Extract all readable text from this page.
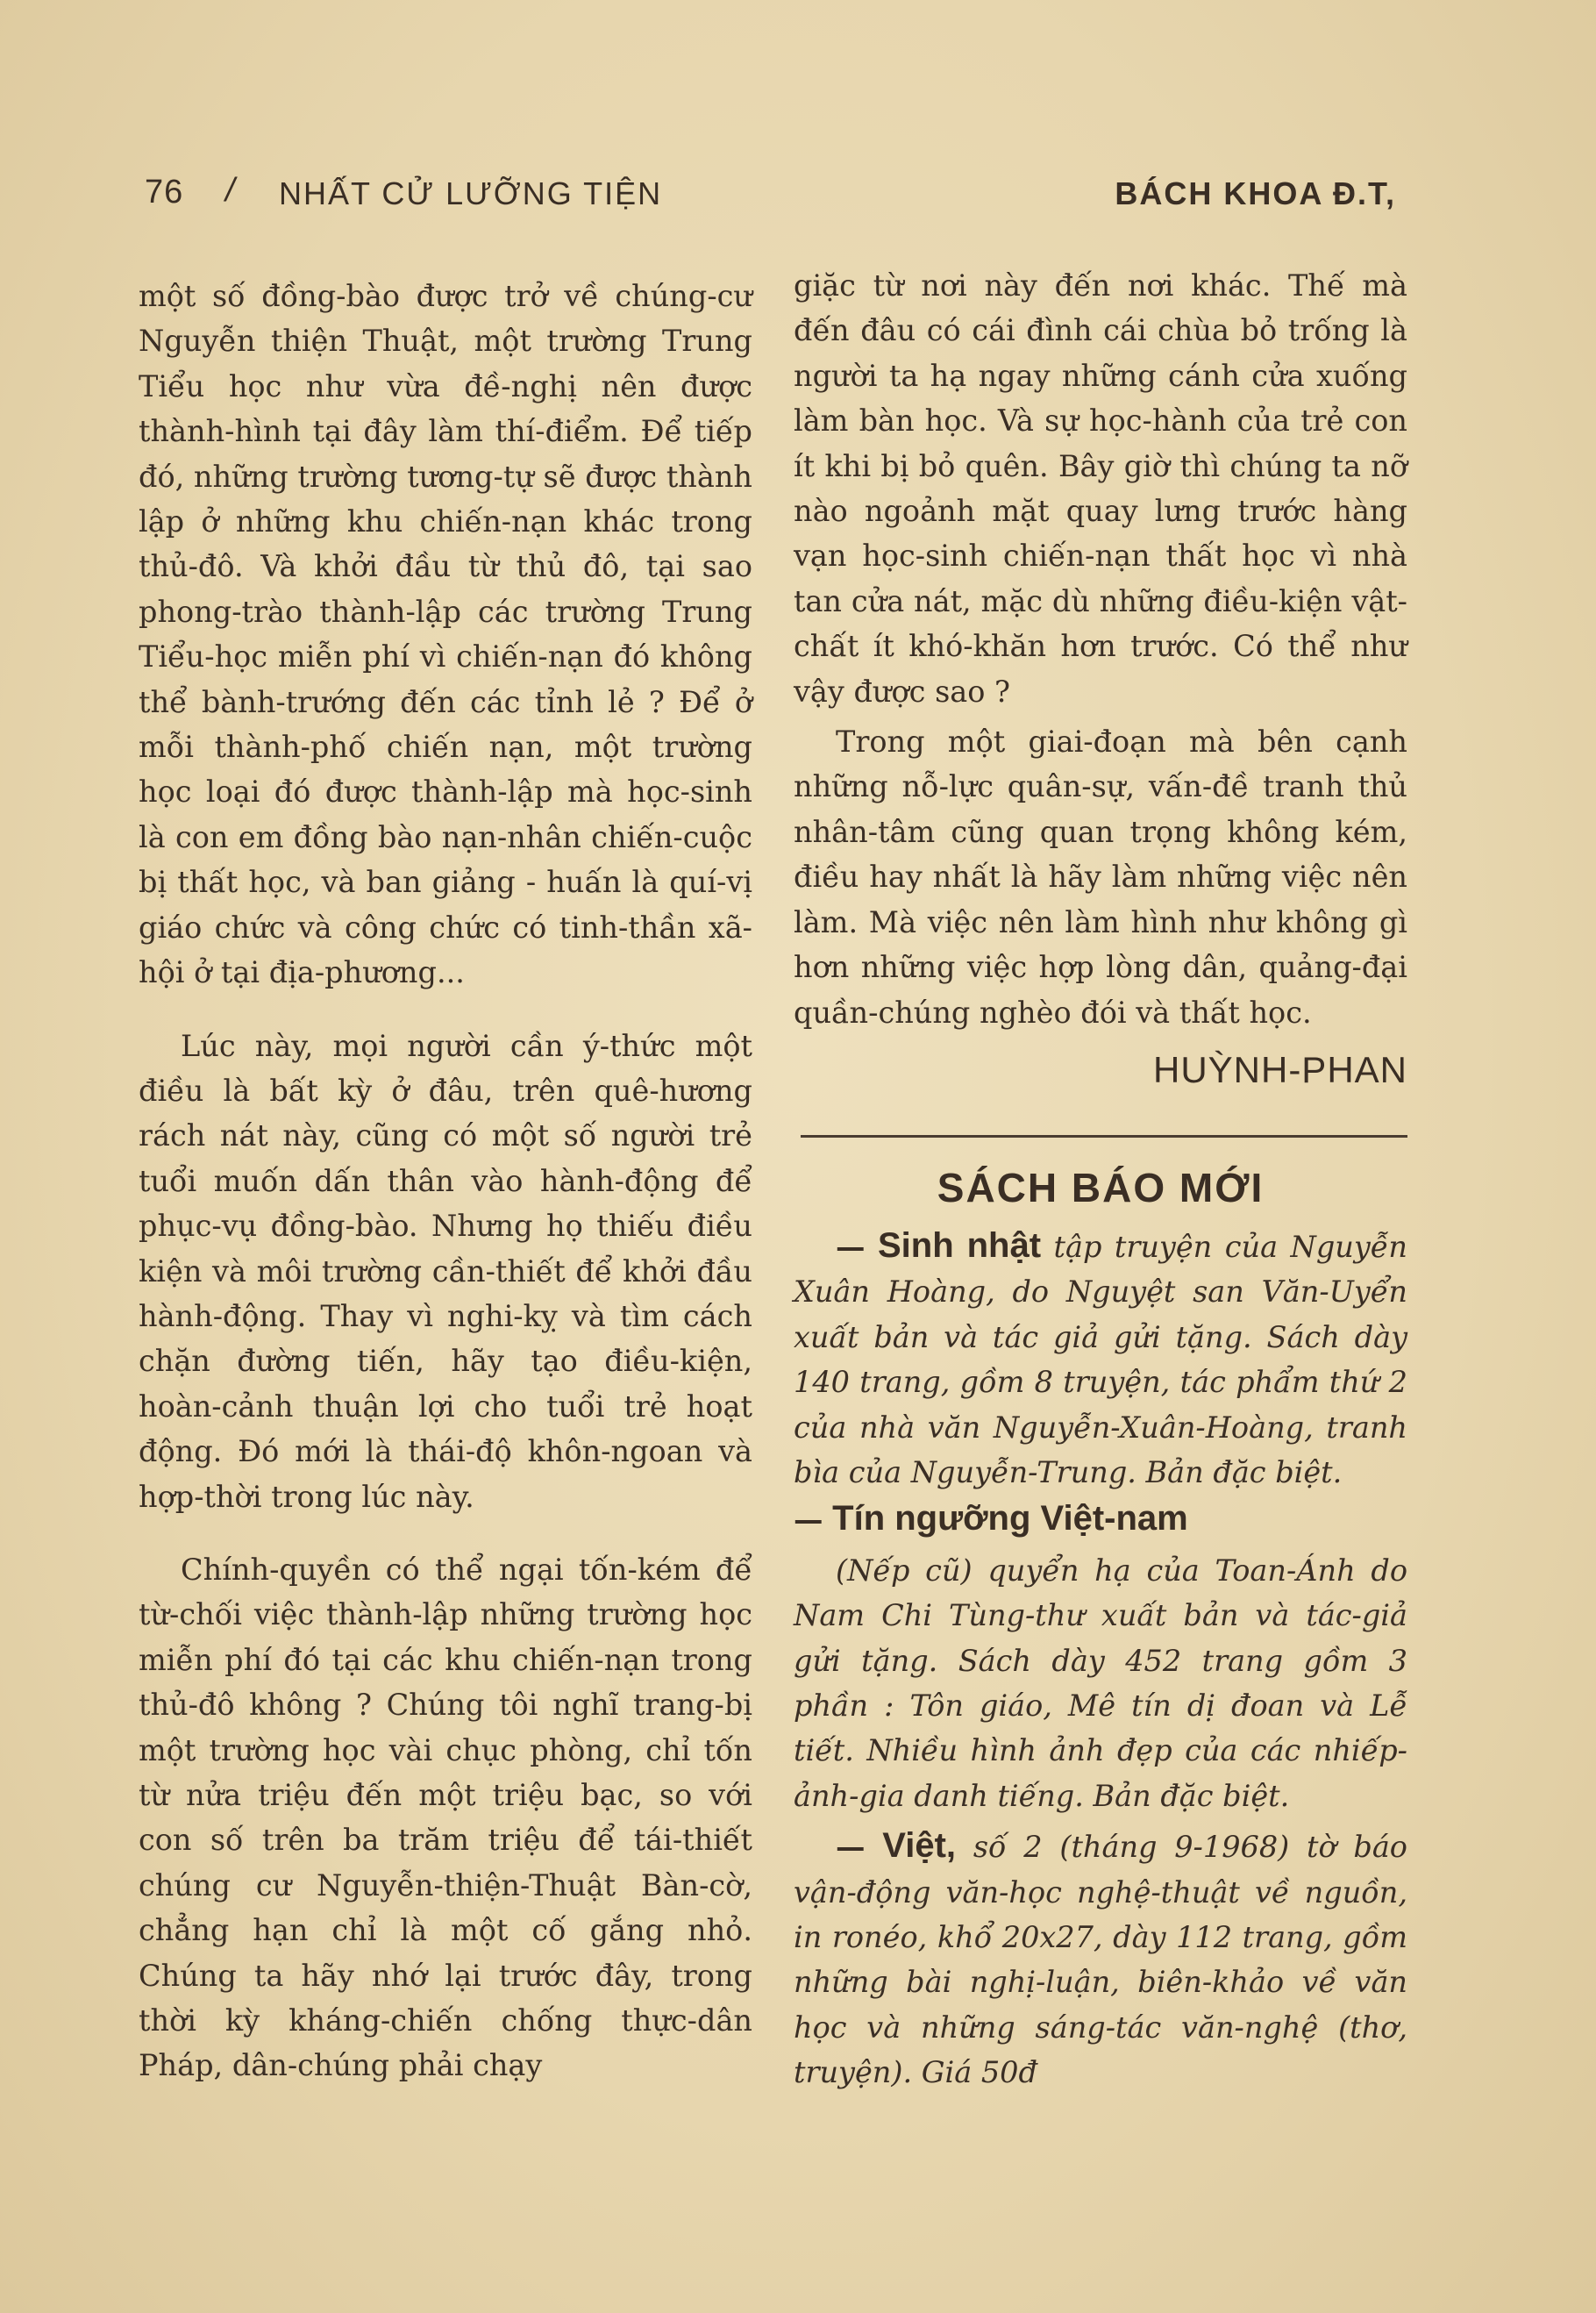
76 / NHẤT CỬ LƯỠNG TIỆN	BÁCH KHOA Đ.T,

một số đồng-bào được trở về chúng-cư Nguyễn thiện Thuật, một trường Trung Tiểu học như vừa đề-nghị nên được thành-hình tại đây làm thí-điểm. Để tiếp đó, những trường tương-tự sẽ được thành lập ở những khu chiến-nạn khác trong thủ-đô. Và khởi đầu từ thủ đô, tại sao phong-trào thành-lập các trường Trung Tiểu-học miễn phí vì chiến-nạn đó không thể bành-trướng đến các tỉnh lẻ ? Để ở mỗi thành-phố chiến nạn, một trường học loại đó được thành-lập mà học-sinh là con em đồng bào nạn-nhân chiến-cuộc bị thất học, và ban giảng - huấn là quí-vị giáo chức và công chức có tinh-thần xã-hội ở tại địa-phương...

Lúc này, mọi người cần ý-thức một điều là bất kỳ ở đâu, trên quê-hương rách nát này, cũng có một số người trẻ tuổi muốn dấn thân vào hành-động để phục-vụ đồng-bào. Nhưng họ thiếu điều kiện và môi trường cần-thiết để khởi đầu hành-động. Thay vì nghi-kỵ và tìm cách chặn đường tiến, hãy tạo điều-kiện, hoàn-cảnh thuận lợi cho tuổi trẻ hoạt động. Đó mới là thái-độ khôn-ngoan và hợp-thời trong lúc này.

Chính-quyền có thể ngại tốn-kém để từ-chối việc thành-lập những trường học miễn phí đó tại các khu chiến-nạn trong thủ-đô không ? Chúng tôi nghĩ trang-bị một trường học vài chục phòng, chỉ tốn từ nửa triệu đến một triệu bạc, so với con số trên ba trăm triệu để tái-thiết chúng cư Nguyễn-thiện-Thuật Bàn-cờ, chẳng hạn chỉ là một cố gắng nhỏ. Chúng ta hãy nhớ lại trước đây, trong thời kỳ kháng-chiến chống thực-dân Pháp, dân-chúng phải chạy

giặc từ nơi này đến nơi khác. Thế mà đến đâu có cái đình cái chùa bỏ trống là người ta hạ ngay những cánh cửa xuống làm bàn học. Và sự học-hành của trẻ con ít khi bị bỏ quên. Bây giờ thì chúng ta nỡ nào ngoảnh mặt quay lưng trước hàng vạn học-sinh chiến-nạn thất học vì nhà tan cửa nát, mặc dù những điều-kiện vật-chất ít khó-khăn hơn trước. Có thể như vậy được sao ?

Trong một giai-đoạn mà bên cạnh những nỗ-lực quân-sự, vấn-đề tranh thủ nhân-tâm cũng quan trọng không kém, điều hay nhất là hãy làm những việc nên làm. Mà việc nên làm hình như không gì hơn những việc hợp lòng dân, quảng-đại quần-chúng nghèo đói và thất học.

HUỲNH-PHAN
SÁCH BÁO MỚI

— Sinh nhật tập truyện của Nguyễn Xuân Hoàng, do Nguyệt san Văn-Uyển xuất bản và tác giả gửi tặng. Sách dày 140 trang, gồm 8 truyện, tác phẩm thứ 2 của nhà văn Nguyễn-Xuân-Hoàng, tranh bìa của Nguyễn-Trung. Bản đặc biệt.

— Tín ngưỡng Việt-nam

(Nếp cũ) quyển hạ của Toan-Ánh do Nam Chi Tùng-thư xuất bản và tác-giả gửi tặng. Sách dày 452 trang gồm 3 phần : Tôn giáo, Mê tín dị đoan và Lễ tiết. Nhiều hình ảnh đẹp của các nhiếp-ảnh-gia danh tiếng. Bản đặc biệt.

— Việt, số 2 (tháng 9-1968) tờ báo vận-động văn-học nghệ-thuật về nguồn, in ronéo, khổ 20x27, dày 112 trang, gồm những bài nghị-luận, biên-khảo về văn học và những sáng-tác văn-nghệ (thơ, truyện). Giá 50đ
